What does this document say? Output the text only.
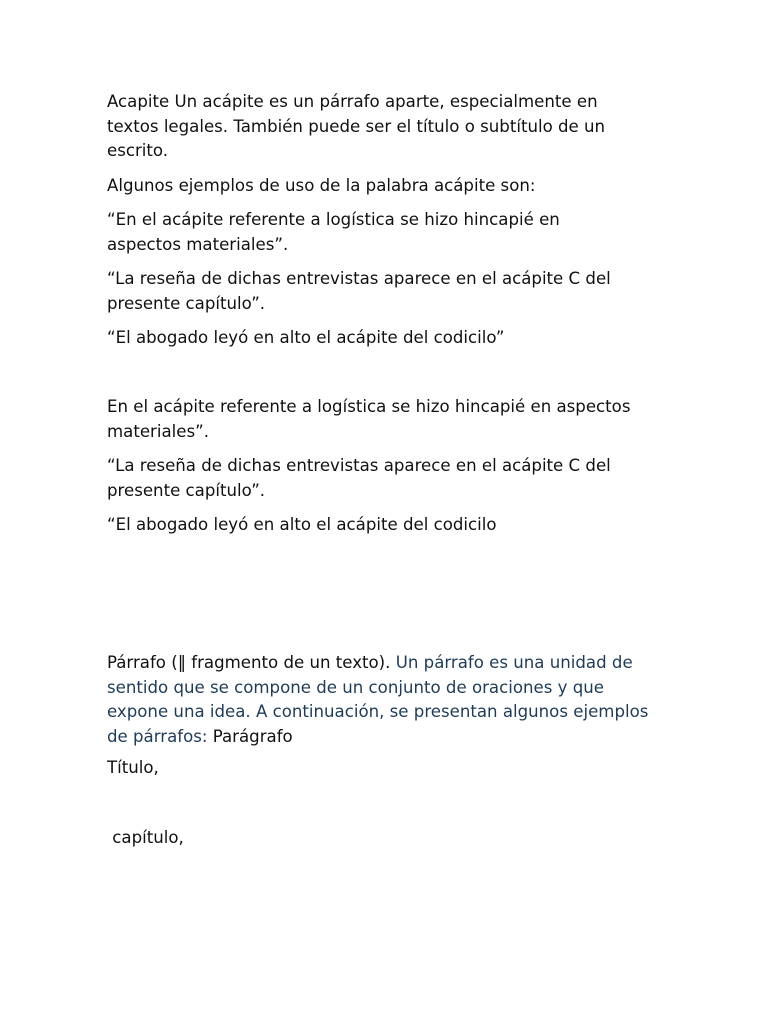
Acapite Un acápite es un párrafo aparte, especialmente en textos legales. También puede ser el título o subtítulo de un escrito.

Algunos ejemplos de uso de la palabra acápite son:

“En el acápite referente a logística se hizo hincapié en aspectos materiales”.

“La reseña de dichas entrevistas aparece en el acápite C del presente capítulo”.

“El abogado leyó en alto el acápite del codicilo”

En el acápite referente a logística se hizo hincapié en aspectos materiales”.

“La reseña de dichas entrevistas aparece en el acápite C del presente capítulo”.

“El abogado leyó en alto el acápite del codicilo

Párrafo (‖ fragmento de un texto). Un párrafo es una unidad de sentido que se compone de un conjunto de oraciones y que expone una idea. A continuación, se presentan algunos ejemplos de párrafos: Parágrafo

Título,

capítulo,
